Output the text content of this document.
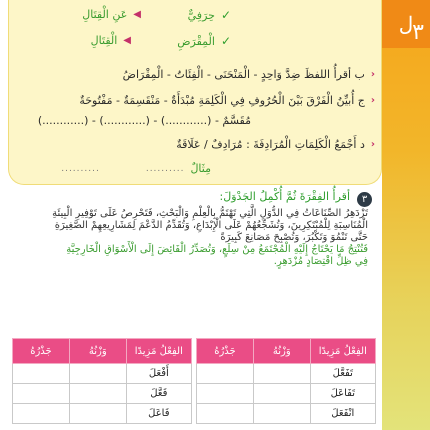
ل
٣
✓
حِرَفِيٌّ
◀
عَنِ الْقِتَالِ
✓
الْمِقْرَضِ
◀
الْقِتَالِ
‹
ب أقرأُ اللفظَ ضِدَّ وَاحِدٍ - الْمَنْحَنَى - الْفِئَاتُ - الْمِقْرَاضُ
‹
ج أُبيِّنُ الْفَرْقَ بَيْنَ الْحُرُوفِ فِي الْكَلِمَةِ مُبْدَأَةٌ - مَنْقَسِمَةٌ - مَفْتُوحَةٌ
مُقَسَّمٌ - (............) - (............) - (............)
‹
د أَجْمَعُ الْكَلِمَاتِ الْمُرَادِفَةَ : مُرَادِفٌ / عَلَاقَةٌ
مِثَالٌ
..........
..........
٣
أقرأُ الفِقْرَةَ ثُمَّ أُكْمِلُ الجَدْوَلَ:
تَزْدَهِرُ الصِّنَاعَاتُ فِي الدُّوَلِ الَّتِي تَهْتَمُّ بِالْعِلْمِ وَالْبَحْثِ، فَتَحْرِصُ عَلَى تَوْفِيرِ الْبِيئَةِ
الْمُنَاسِبَةِ لِلْمُبْتَكِرِينَ، وَتُشَجِّعُهُمْ عَلَى الْإِبْدَاعِ، وَتُقَدِّمُ الدَّعْمَ لِمَشَارِيعِهِمْ الصَّغِيرَةِ
حَتَّى تَنْمُوَ وَتَكْبُرَ، وَتُصْبِحَ مَصَانِعَ كَبِيرَةً
فَتُنْتِجُ مَا يَحْتَاجُ إِلَيْهِ الْمُجْتَمَعُ مِنْ سِلَعٍ، وَتُصَدِّرُ الْفَائِضَ إِلَى الْأَسْوَاقِ الْخَارِجِيَّةِ
فِي ظِلِّ اقْتِصَادٍ مُزْدَهِرٍ.
الفِعْلُ مَزِيدًا	وَزْنُهُ	جَذْرُهُ
تَفَعَّلَ		
تَفَاعَلَ		
انْفَعَلَ		
الفِعْلُ مَزِيدًا	وَزْنُهُ	جَذْرُهُ
أَفْعَلَ		
فَعَّلَ		
فَاعَلَ		
